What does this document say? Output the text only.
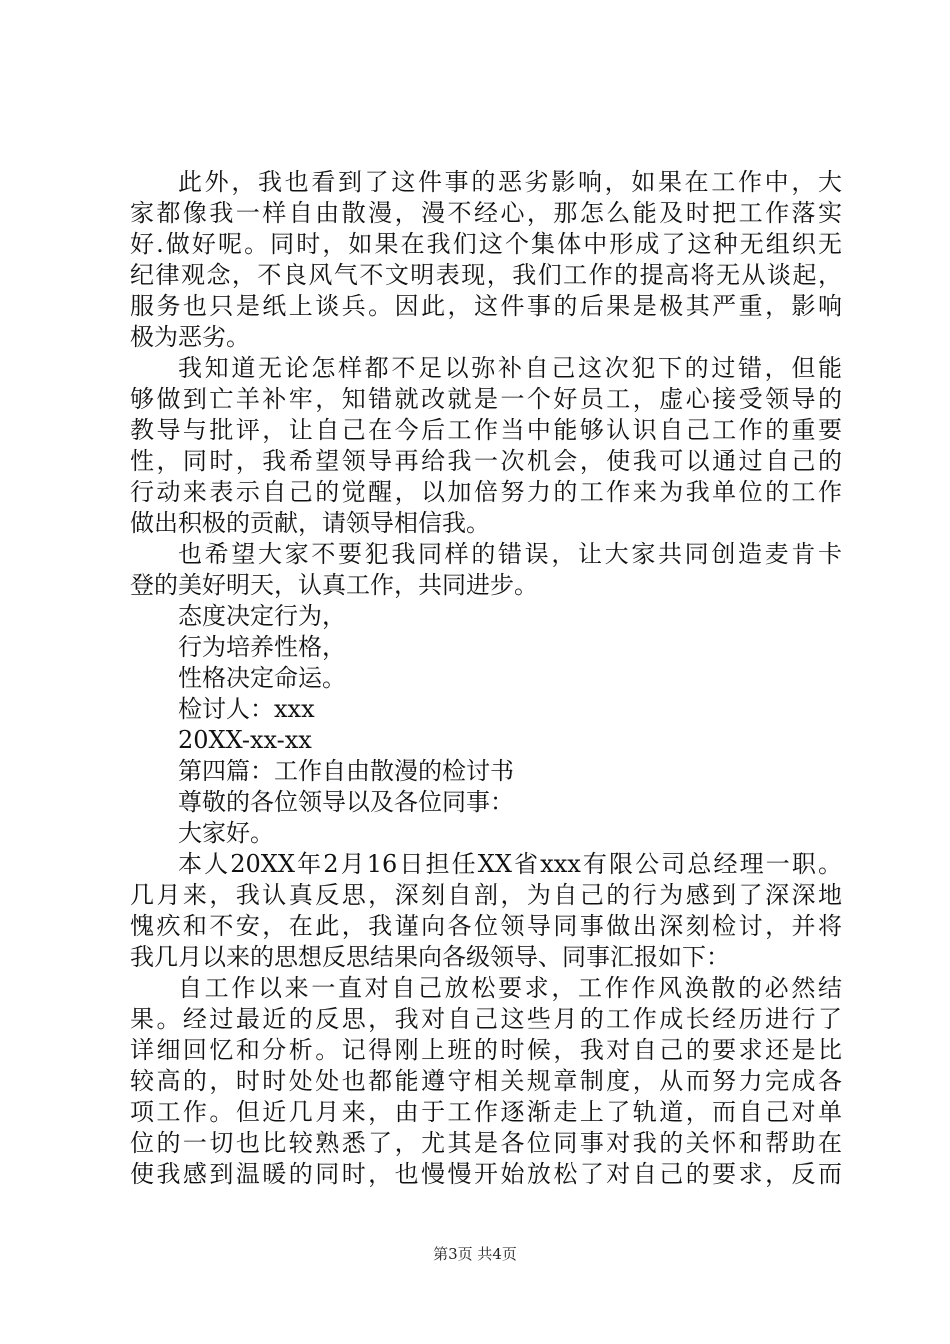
此外，我也看到了这件事的恶劣影响，如果在工作中，大
家都像我一样自由散漫，漫不经心，那怎么能及时把工作落实
好.做好呢。同时，如果在我们这个集体中形成了这种无组织无
纪律观念，不良风气不文明表现，我们工作的提高将无从谈起，
服务也只是纸上谈兵。因此，这件事的后果是极其严重，影响
极为恶劣。
我知道无论怎样都不足以弥补自己这次犯下的过错，但能
够做到亡羊补牢，知错就改就是一个好员工，虚心接受领导的
教导与批评，让自己在今后工作当中能够认识自己工作的重要
性，同时，我希望领导再给我一次机会，使我可以通过自己的
行动来表示自己的觉醒，以加倍努力的工作来为我单位的工作
做出积极的贡献，请领导相信我。
也希望大家不要犯我同样的错误，让大家共同创造麦肯卡
登的美好明天，认真工作，共同进步。
态度决定行为，
行为培养性格，
性格决定命运。
检讨人：xxx
20XX-xx-xx
第四篇：工作自由散漫的检讨书
尊敬的各位领导以及各位同事：
大家好。
本人20XX年2月16日担任XX省xxx有限公司总经理一职。
几月来，我认真反思，深刻自剖，为自己的行为感到了深深地
愧疚和不安，在此，我谨向各位领导同事做出深刻检讨，并将
我几月以来的思想反思结果向各级领导、同事汇报如下：
自工作以来一直对自己放松要求，工作作风涣散的必然结
果。经过最近的反思，我对自己这些月的工作成长经历进行了
详细回忆和分析。记得刚上班的时候，我对自己的要求还是比
较高的，时时处处也都能遵守相关规章制度，从而努力完成各
项工作。但近几月来，由于工作逐渐走上了轨道，而自己对单
位的一切也比较熟悉了，尤其是各位同事对我的关怀和帮助在
使我感到温暖的同时，也慢慢开始放松了对自己的要求，反而
第3页 共4页
